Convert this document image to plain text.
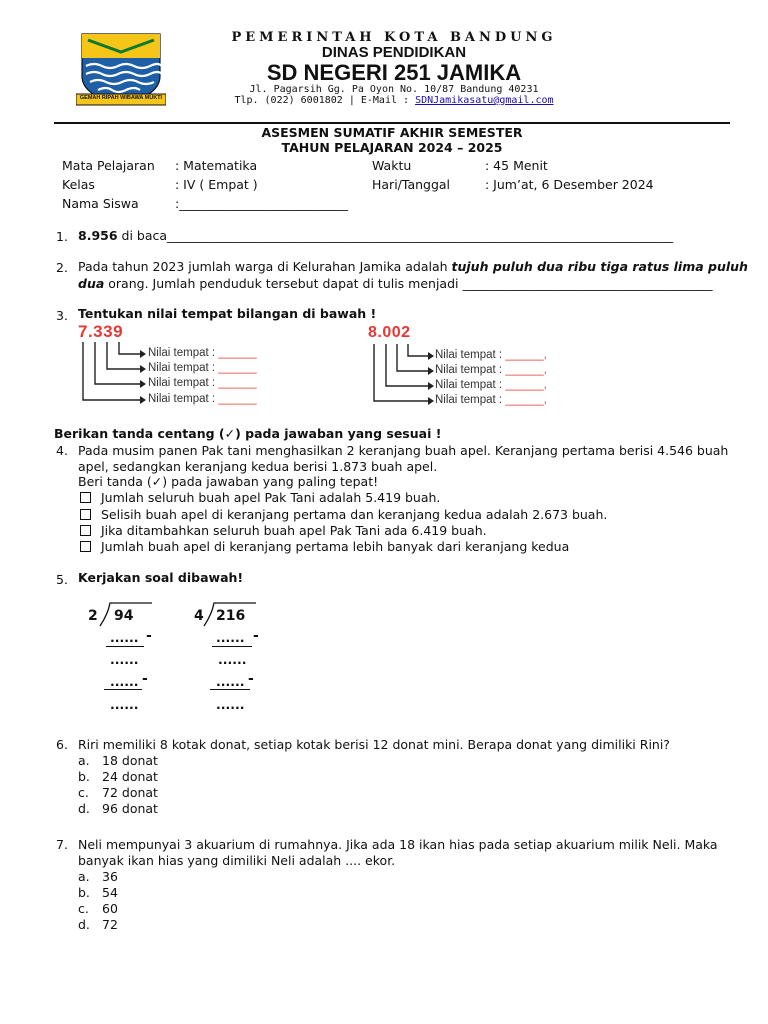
GEMAH RIPAH WIBAWA MUKTI
PEMERINTAH KOTA BANDUNG
DINAS PENDIDIKAN
SD NEGERI 251 JAMIKA
Jl. Pagarsih Gg. Pa Oyon No. 10/87 Bandung 40231
Tlp. (022) 6001802 | E-Mail : SDNJamikasatu@gmail.com
ASESMEN SUMATIF AKHIR SEMESTER
TAHUN PELAJARAN 2024 – 2025
Mata Pelajaran : Matematika	Waktu	: 45 Menit
Kelas	: IV ( Empat )	Hari/Tanggal	: Jum’at, 6 Desember 2024
Nama Siswa	:___________________________
1. 8.956 di baca_________________________________________________________________________________
2. Pada tahun 2023 jumlah warga di Kelurahan Jamika adalah tujuh puluh dua ribu tiga ratus lima puluh
dua orang. Jumlah penduduk tersebut dapat di tulis menjadi ________________________________________
3. Tentukan nilai tempat bilangan di bawah !
7.339
Nilai tempat : ______
Nilai tempat : ______
Nilai tempat : ______
Nilai tempat : ______
8.002
Nilai tempat : ______,
Nilai tempat : ______,
Nilai tempat : ______,
Nilai tempat : ______,
Berikan tanda centang (✓) pada jawaban yang sesuai !
4. Pada musim panen Pak tani menghasilkan 2 keranjang buah apel. Keranjang pertama berisi 4.546 buah
apel, sedangkan keranjang kedua berisi 1.873 buah apel.
Beri tanda (✓) pada jawaban yang paling tepat!
Jumlah seluruh buah apel Pak Tani adalah 5.419 buah.
Selisih buah apel di keranjang pertama dan keranjang kedua adalah 2.673 buah.
Jika ditambahkan seluruh buah apel Pak Tani ada 6.419 buah.
Jumlah buah apel di keranjang pertama lebih banyak dari keranjang kedua
5. Kerjakan soal dibawah!
2 94
...... -
......
...... -
......
4 216
...... -
......
...... -
......
6. Riri memiliki 8 kotak donat, setiap kotak berisi 12 donat mini. Berapa donat yang dimiliki Rini?
a. 18 donat
b. 24 donat
c. 72 donat
d. 96 donat
7. Neli mempunyai 3 akuarium di rumahnya. Jika ada 18 ikan hias pada setiap akuarium milik Neli. Maka
banyak ikan hias yang dimiliki Neli adalah .... ekor.
a. 36
b. 54
c. 60
d. 72
